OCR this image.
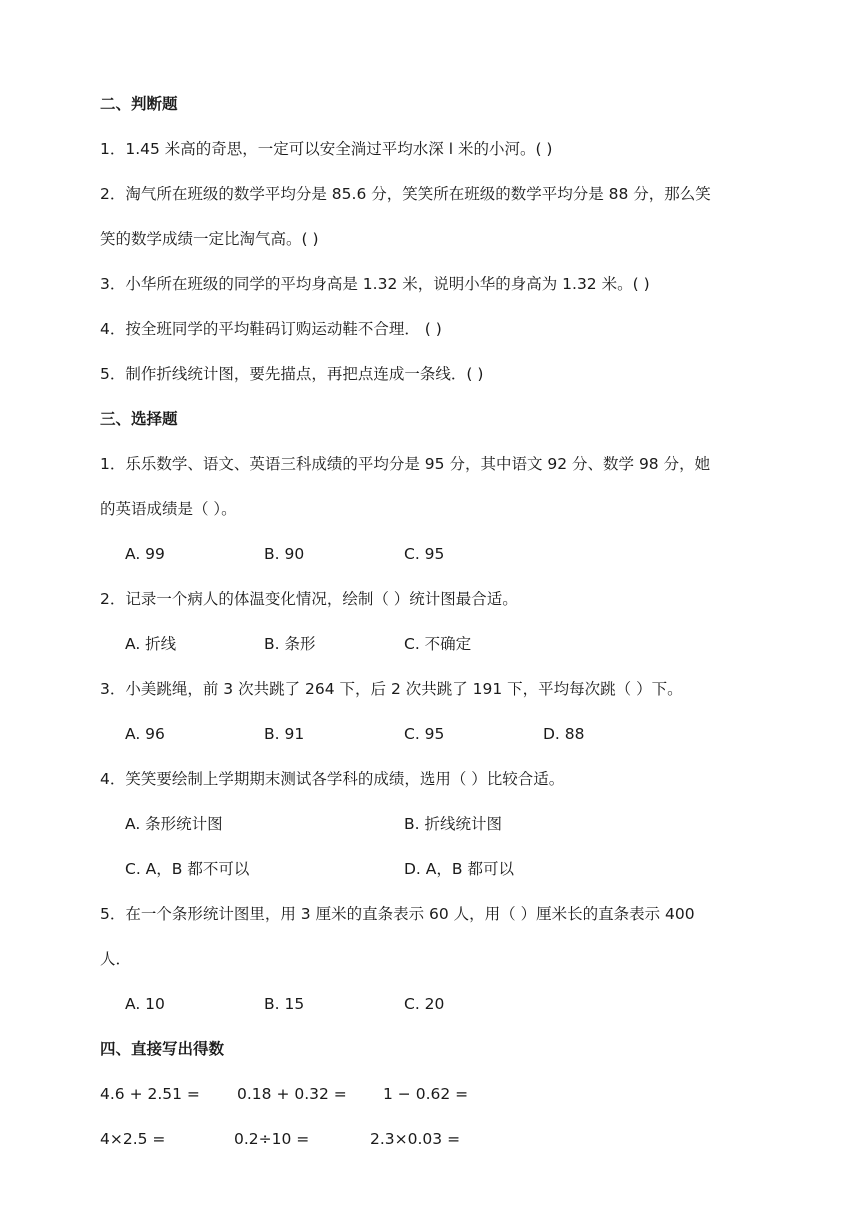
二、判断题
1．1.45 米高的奇思，一定可以安全淌过平均水深 l 米的小河。( )
2．淘气所在班级的数学平均分是 85.6 分，笑笑所在班级的数学平均分是 88 分，那么笑
笑的数学成绩一定比淘气高。( )
3．小华所在班级的同学的平均身高是 1.32 米，说明小华的身高为 1.32 米。( )
4．按全班同学的平均鞋码订购运动鞋不合理． ( )
5．制作折线统计图，要先描点，再把点连成一条线．( )
三、选择题
1．乐乐数学、语文、英语三科成绩的平均分是 95 分，其中语文 92 分、数学 98 分，她
的英语成绩是（ ）。
A. 99	B. 90	C. 95
2．记录一个病人的体温变化情况，绘制（ ）统计图最合适。
A. 折线	B. 条形	C. 不确定
3．小美跳绳，前 3 次共跳了 264 下，后 2 次共跳了 191 下，平均每次跳（ ）下。
A. 96	B. 91	C. 95	D. 88
4．笑笑要绘制上学期期末测试各学科的成绩，选用（ ）比较合适。
A. 条形统计图	B. 折线统计图
C. A，B 都不可以	D. A，B 都可以
5．在一个条形统计图里，用 3 厘米的直条表示 60 人，用（ ）厘米长的直条表示 400
人．
A. 10	B. 15	C. 20
四、直接写出得数
4.6 + 2.51 = 0.18 + 0.32 = 1 − 0.62 =
4×2.5 =	0.2÷10 =	2.3×0.03 =
